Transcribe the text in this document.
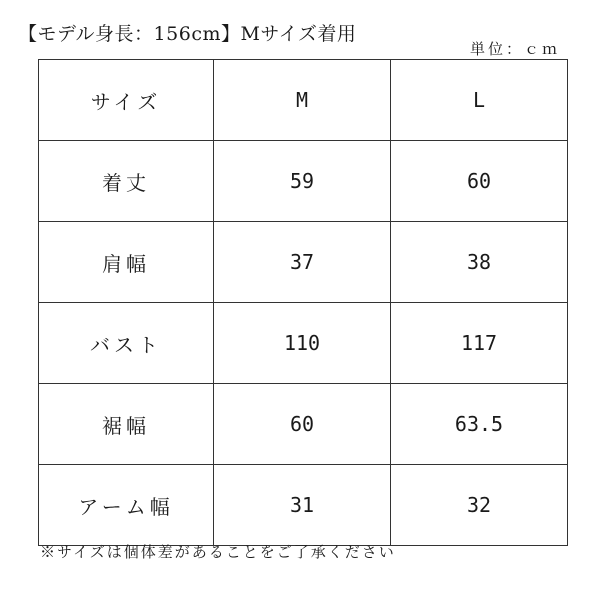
【モデル身長：156cm】Mサイズ着用
単位：ｃｍ
サイズ	M	L
着丈	59	60
肩幅	37	38
バスト	110	117
裾幅	60	63.5
アーム幅	31	32
※サイズは個体差があることをご了承ください
